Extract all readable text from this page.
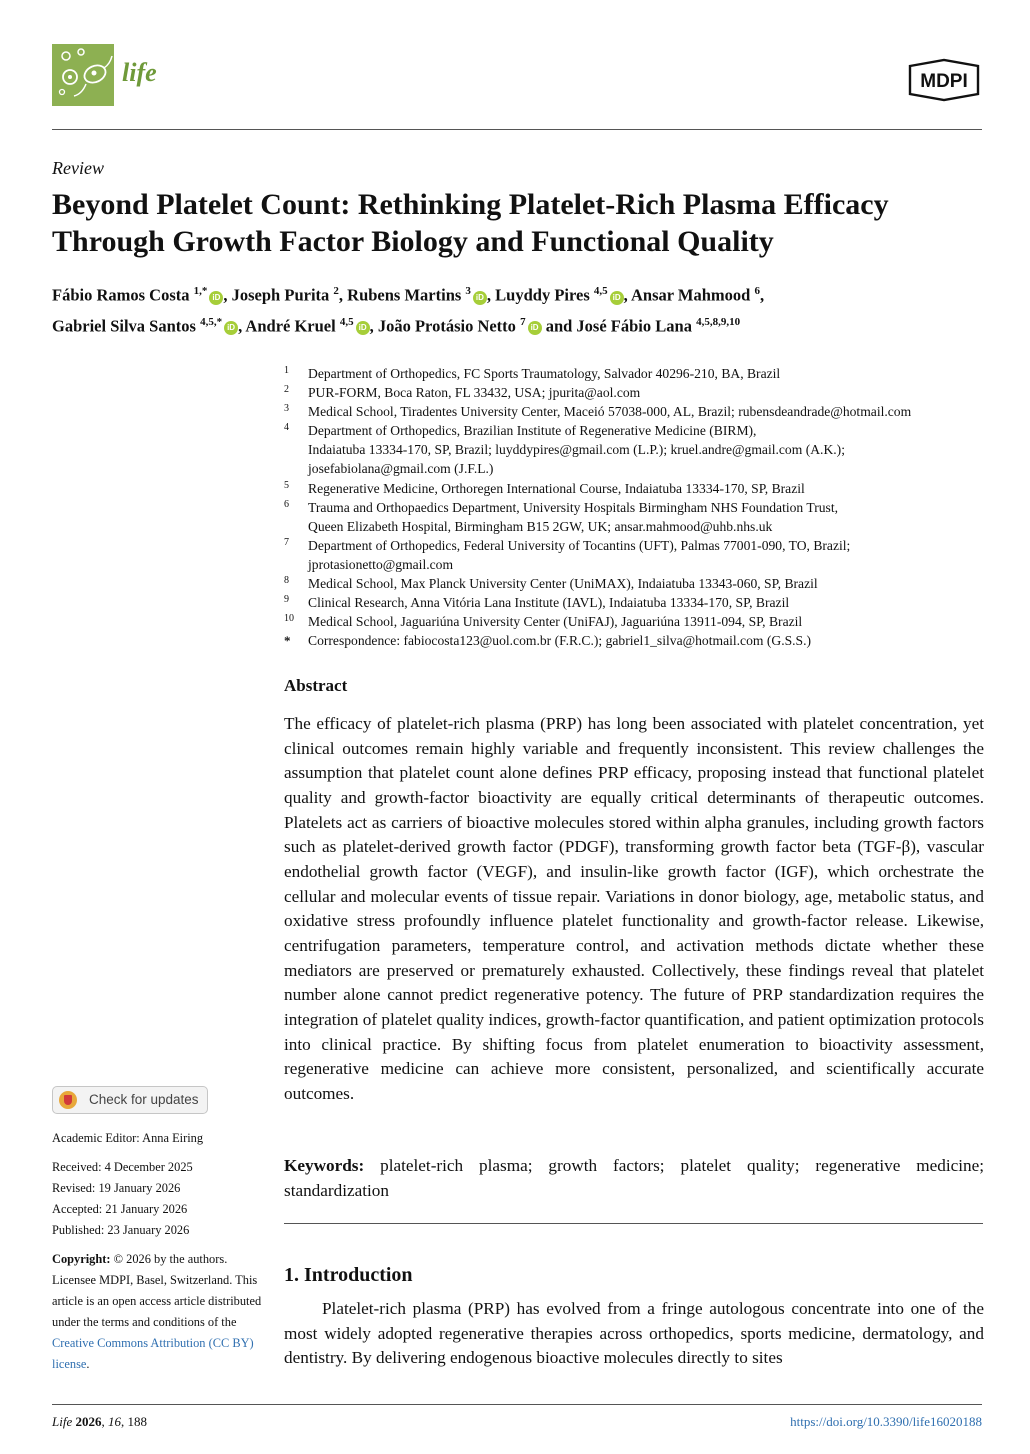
life	MDPI
Review
Beyond Platelet Count: Rethinking Platelet-Rich Plasma Efficacy Through Growth Factor Biology and Functional Quality
Fábio Ramos Costa $^{1,*}$ iD , Joseph Purita $^2$, Rubens Martins $^3$ iD , Luyddy Pires $^{4,5}$ iD , Ansar Mahmood $^6$,
Gabriel Silva Santos $^{4,5,*}$ iD , André Kruel $^{4,5}$ iD , João Protásio Netto $^7$ iD and José Fábio Lana $^{4,5,8,9,10}$
1 Department of Orthopedics, FC Sports Traumatology, Salvador 40296-210, BA, Brazil
2 PUR-FORM, Boca Raton, FL 33432, USA; jpurita@aol.com
3 Medical School, Tiradentes University Center, Maceió 57038-000, AL, Brazil; rubensdeandrade@hotmail.com
4 Department of Orthopedics, Brazilian Institute of Regenerative Medicine (BIRM),
Indaiatuba 13334-170, SP, Brazil; luyddypires@gmail.com (L.P.); kruel.andre@gmail.com (A.K.);
josefabiolana@gmail.com (J.F.L.)
5 Regenerative Medicine, Orthoregen International Course, Indaiatuba 13334-170, SP, Brazil
6 Trauma and Orthopaedics Department, University Hospitals Birmingham NHS Foundation Trust,
Queen Elizabeth Hospital, Birmingham B15 2GW, UK; ansar.mahmood@uhb.nhs.uk
7 Department of Orthopedics, Federal University of Tocantins (UFT), Palmas 77001-090, TO, Brazil;
jprotasionetto@gmail.com
8 Medical School, Max Planck University Center (UniMAX), Indaiatuba 13343-060, SP, Brazil
9 Clinical Research, Anna Vitória Lana Institute (IAVL), Indaiatuba 13334-170, SP, Brazil
10 Medical School, Jaguariúna University Center (UniFAJ), Jaguariúna 13911-094, SP, Brazil
* Correspondence: fabiocosta123@uol.com.br (F.R.C.); gabriel1_silva@hotmail.com (G.S.S.)
Abstract

The efficacy of platelet-rich plasma (PRP) has long been associated with platelet concentration, yet clinical outcomes remain highly variable and frequently inconsistent. This review challenges the assumption that platelet count alone defines PRP efficacy, proposing instead that functional platelet quality and growth-factor bioactivity are equally critical determinants of therapeutic outcomes. Platelets act as carriers of bioactive molecules stored within alpha granules, including growth factors such as platelet-derived growth factor (PDGF), transforming growth factor beta (TGF-β), vascular endothelial growth factor (VEGF), and insulin-like growth factor (IGF), which orchestrate the cellular and molecular events of tissue repair. Variations in donor biology, age, metabolic status, and oxidative stress profoundly influence platelet functionality and growth-factor release. Likewise, centrifugation parameters, temperature control, and activation methods dictate whether these mediators are preserved or prematurely exhausted. Collectively, these findings reveal that platelet number alone cannot predict regenerative potency. The future of PRP standardization requires the integration of platelet quality indices, growth-factor quantification, and patient optimization protocols into clinical practice. By shifting focus from platelet enumeration to bioactivity assessment, regenerative medicine can achieve more consistent, personalized, and scientifically accurate outcomes.

Keywords: platelet-rich plasma; growth factors; platelet quality; regenerative medicine; standardization

1. Introduction

Platelet-rich plasma (PRP) has evolved from a fringe autologous concentrate into one of the most widely adopted regenerative therapies across orthopedics, sports medicine, dermatology, and dentistry. By delivering endogenous bioactive molecules directly to sites

Check for updates
Academic Editor: Anna Eiring
Received: 4 December 2025
Revised: 19 January 2026
Accepted: 21 January 2026
Published: 23 January 2026
Copyright: © 2026 by the authors. Licensee MDPI, Basel, Switzerland. This article is an open access article distributed under the terms and conditions of the Creative Commons Attribution (CC BY) license.
Life 2026, 16, 188	https://doi.org/10.3390/life16020188
